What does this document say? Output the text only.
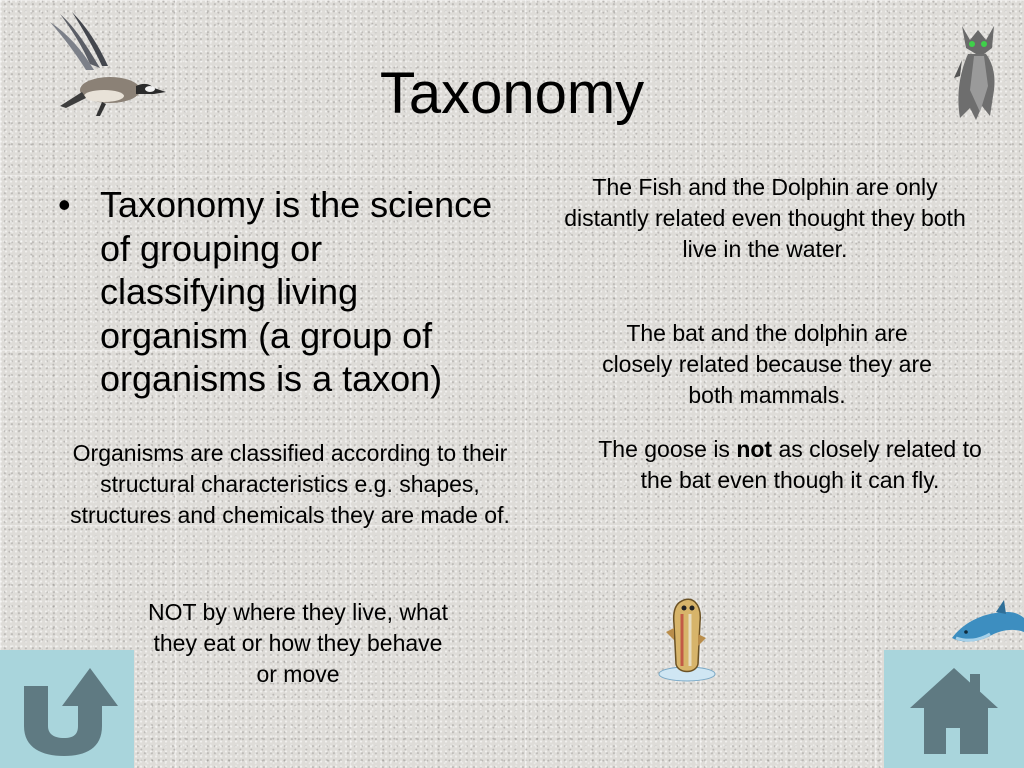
Taxonomy
• Taxonomy is the science of grouping or classifying living organism (a group of organisms is a taxon)
Organisms are classified according to their structural characteristics e.g. shapes, structures and chemicals they are made of.
NOT by where they live, what they eat or how they behave or move
The Fish and the Dolphin are only distantly related even thought they both live in the water.
The bat and the dolphin are closely related because they are both mammals.
The goose is not as closely related to the bat even though it can fly.
